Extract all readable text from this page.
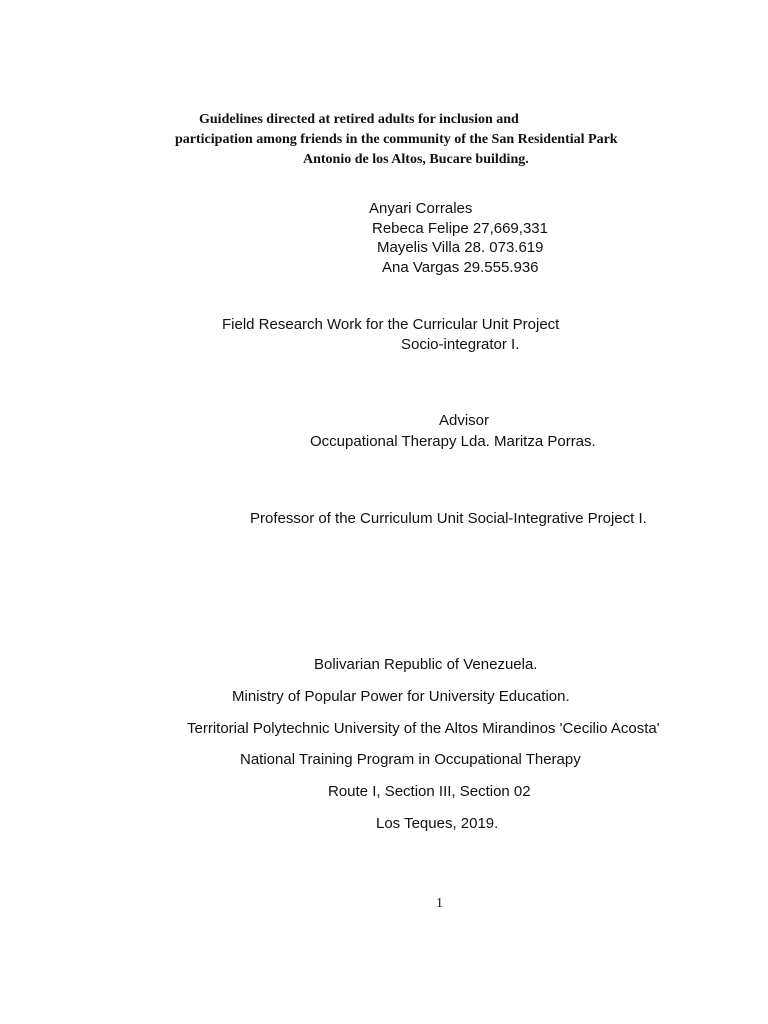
Guidelines directed at retired adults for inclusion and
participation among friends in the community of the San Residential Park
Antonio de los Altos, Bucare building.
Anyari Corrales
Rebeca Felipe 27,669,331
Mayelis Villa 28. 073.619
Ana Vargas 29.555.936
Field Research Work for the Curricular Unit Project
Socio-integrator I.
Advisor
Occupational Therapy Lda. Maritza Porras.
Professor of the Curriculum Unit Social-Integrative Project I.
Bolivarian Republic of Venezuela.
Ministry of Popular Power for University Education.
Territorial Polytechnic University of the Altos Mirandinos 'Cecilio Acosta'
National Training Program in Occupational Therapy
Route I, Section III, Section 02
Los Teques, 2019.
1
